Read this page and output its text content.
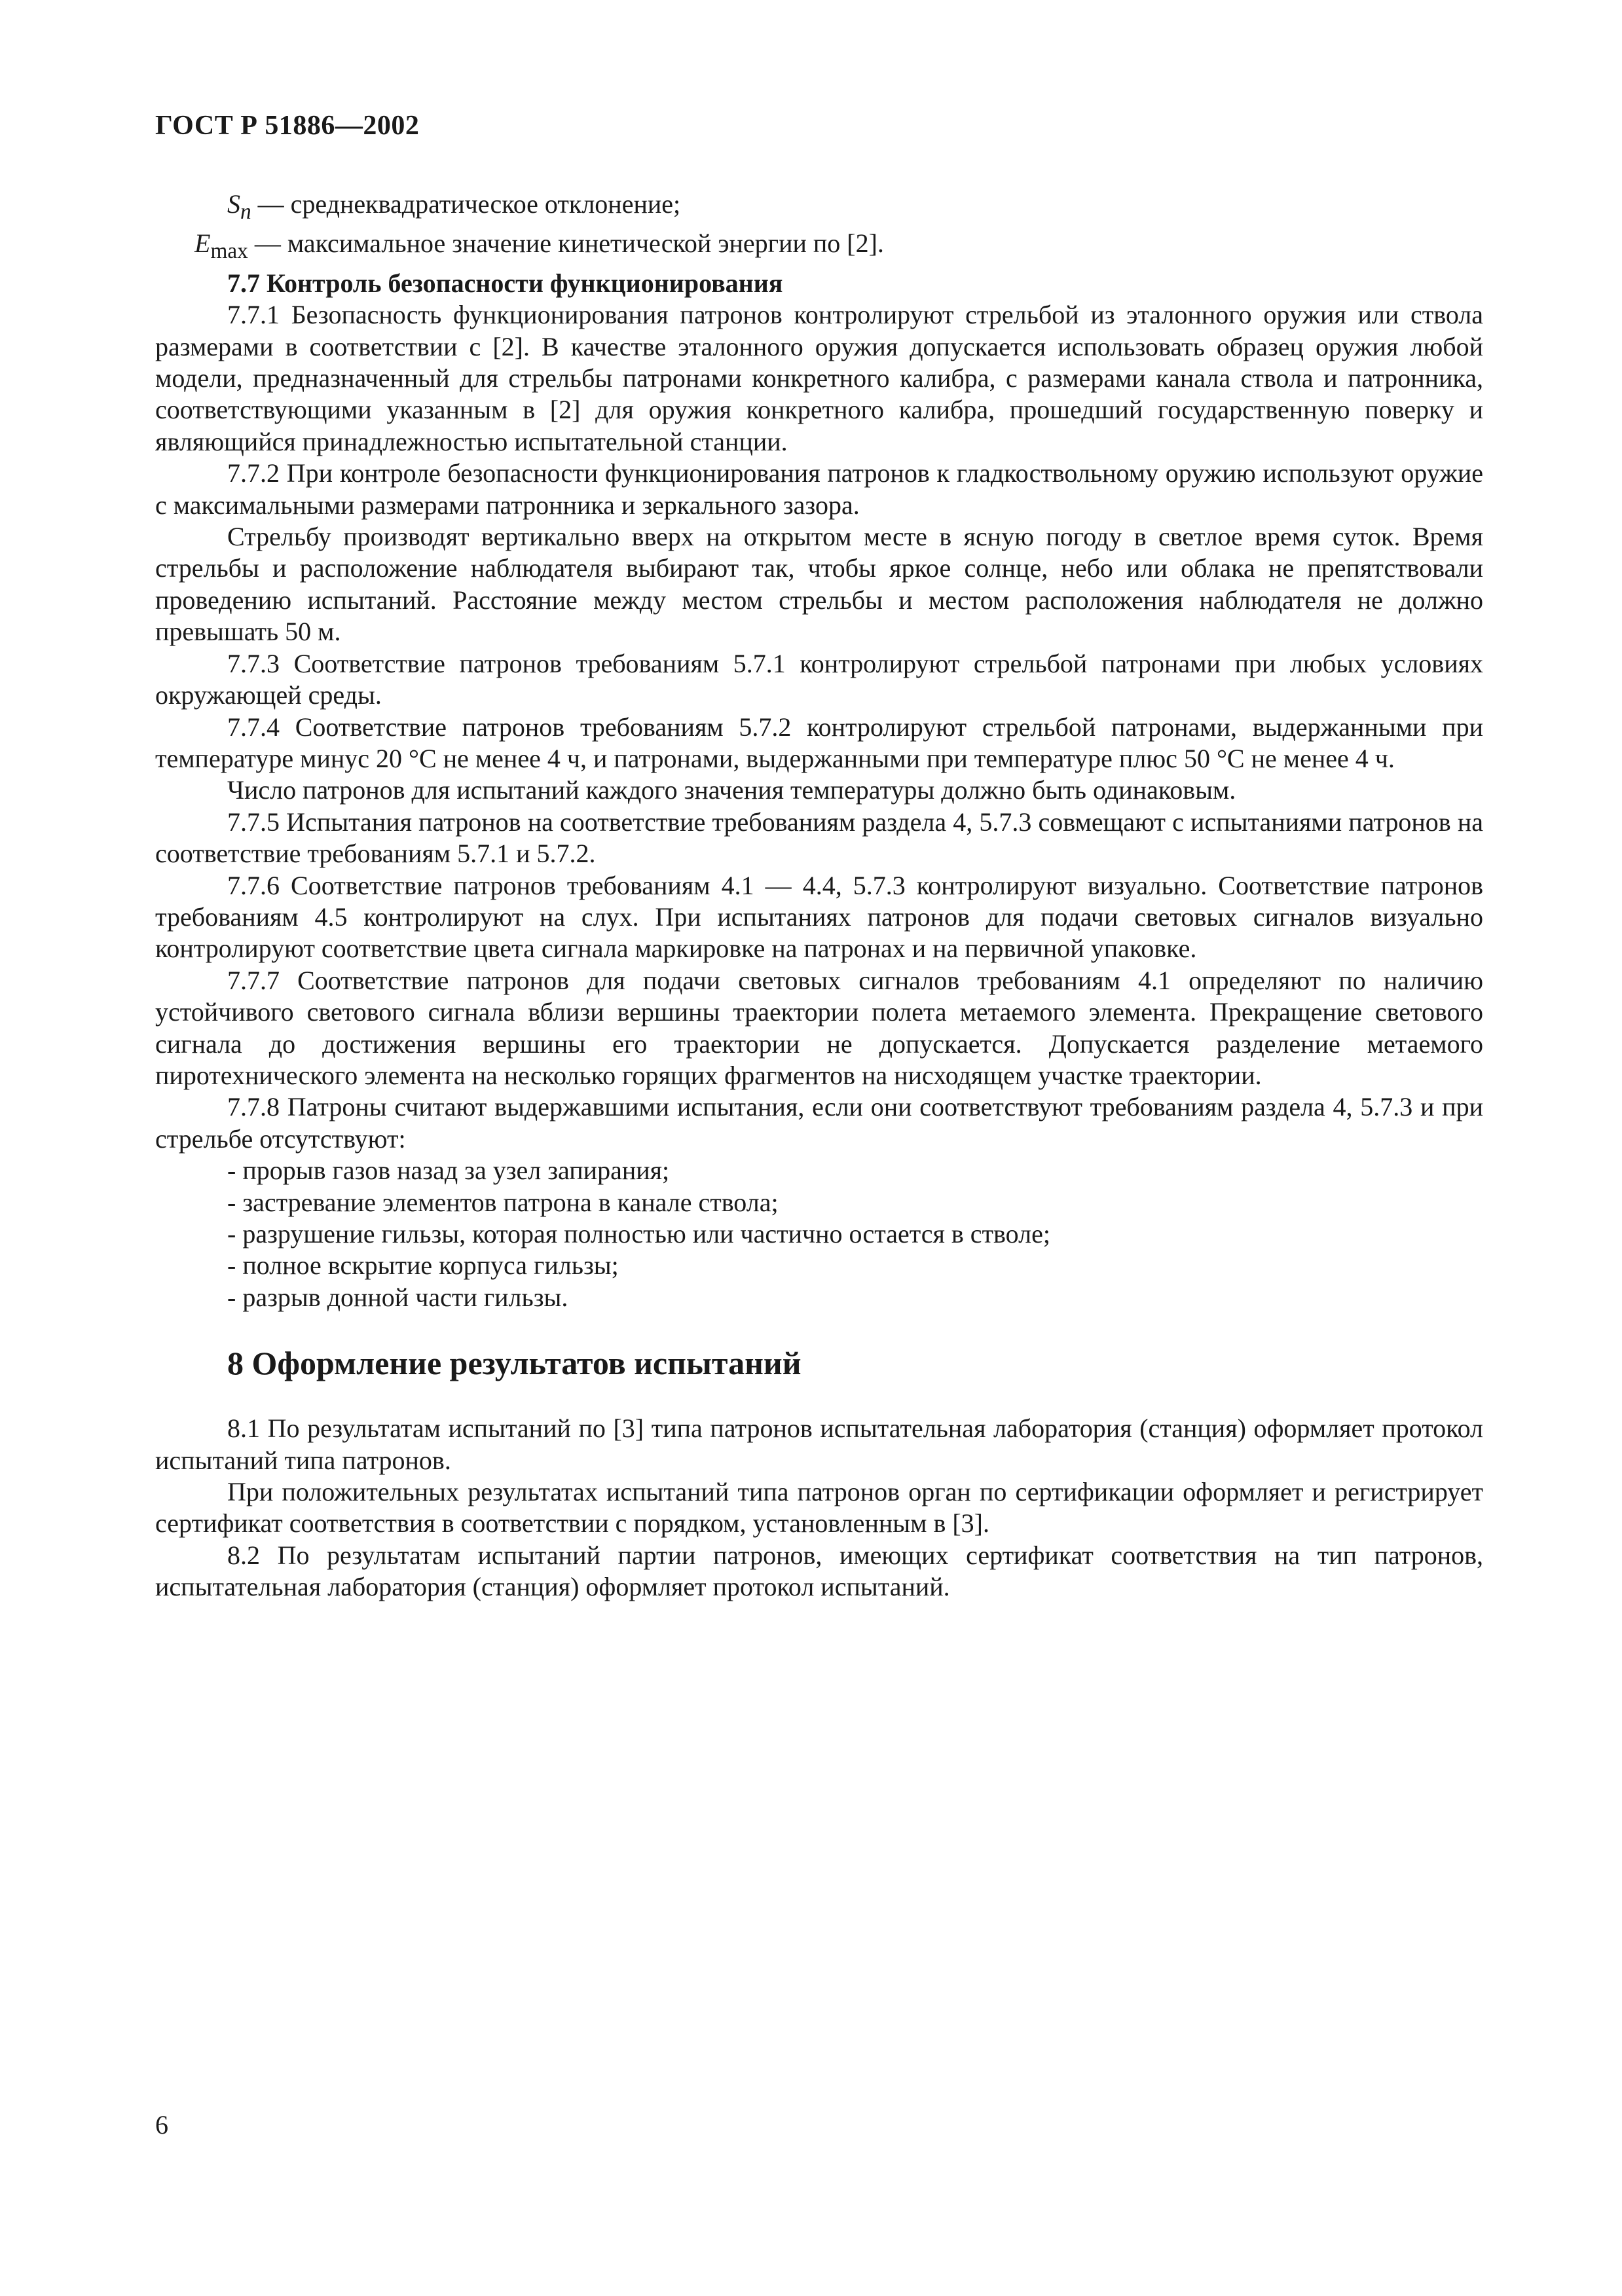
ГОСТ Р 51886—2002

$S_n$ — среднеквадратическое отклонение;

$E_{max}$ — максимальное значение кинетической энергии по [2].

7.7 Контроль безопасности функционирования

7.7.1 Безопасность функционирования патронов контролируют стрельбой из эталонного оружия или ствола размерами в соответствии с [2]. В качестве эталонного оружия допускается использовать образец оружия любой модели, предназначенный для стрельбы патронами конкретного калибра, с размерами канала ствола и патронника, соответствующими указанным в [2] для оружия конкретного калибра, прошедший государственную поверку и являющийся принадлежностью испытательной станции.

7.7.2 При контроле безопасности функционирования патронов к гладкоствольному оружию используют оружие с максимальными размерами патронника и зеркального зазора.

Стрельбу производят вертикально вверх на открытом месте в ясную погоду в светлое время суток. Время стрельбы и расположение наблюдателя выбирают так, чтобы яркое солнце, небо или облака не препятствовали проведению испытаний. Расстояние между местом стрельбы и местом расположения наблюдателя не должно превышать 50 м.

7.7.3 Соответствие патронов требованиям 5.7.1 контролируют стрельбой патронами при любых условиях окружающей среды.

7.7.4 Соответствие патронов требованиям 5.7.2 контролируют стрельбой патронами, выдержанными при температуре минус 20 °С не менее 4 ч, и патронами, выдержанными при температуре плюс 50 °С не менее 4 ч.

Число патронов для испытаний каждого значения температуры должно быть одинаковым.

7.7.5 Испытания патронов на соответствие требованиям раздела 4, 5.7.3 совмещают с испытаниями патронов на соответствие требованиям 5.7.1 и 5.7.2.

7.7.6 Соответствие патронов требованиям 4.1 — 4.4, 5.7.3 контролируют визуально. Соответствие патронов требованиям 4.5 контролируют на слух. При испытаниях патронов для подачи световых сигналов визуально контролируют соответствие цвета сигнала маркировке на патронах и на первичной упаковке.

7.7.7 Соответствие патронов для подачи световых сигналов требованиям 4.1 определяют по наличию устойчивого светового сигнала вблизи вершины траектории полета метаемого элемента. Прекращение светового сигнала до достижения вершины его траектории не допускается. Допускается разделение метаемого пиротехнического элемента на несколько горящих фрагментов на нисходящем участке траектории.

7.7.8 Патроны считают выдержавшими испытания, если они соответствуют требованиям раздела 4, 5.7.3 и при стрельбе отсутствуют:

- прорыв газов назад за узел запирания;

- застревание элементов патрона в канале ствола;

- разрушение гильзы, которая полностью или частично остается в стволе;

- полное вскрытие корпуса гильзы;

- разрыв донной части гильзы.

8 Оформление результатов испытаний

8.1 По результатам испытаний по [3] типа патронов испытательная лаборатория (станция) оформляет протокол испытаний типа патронов.

При положительных результатах испытаний типа патронов орган по сертификации оформляет и регистрирует сертификат соответствия в соответствии с порядком, установленным в [3].

8.2 По результатам испытаний партии патронов, имеющих сертификат соответствия на тип патронов, испытательная лаборатория (станция) оформляет протокол испытаний.

6
